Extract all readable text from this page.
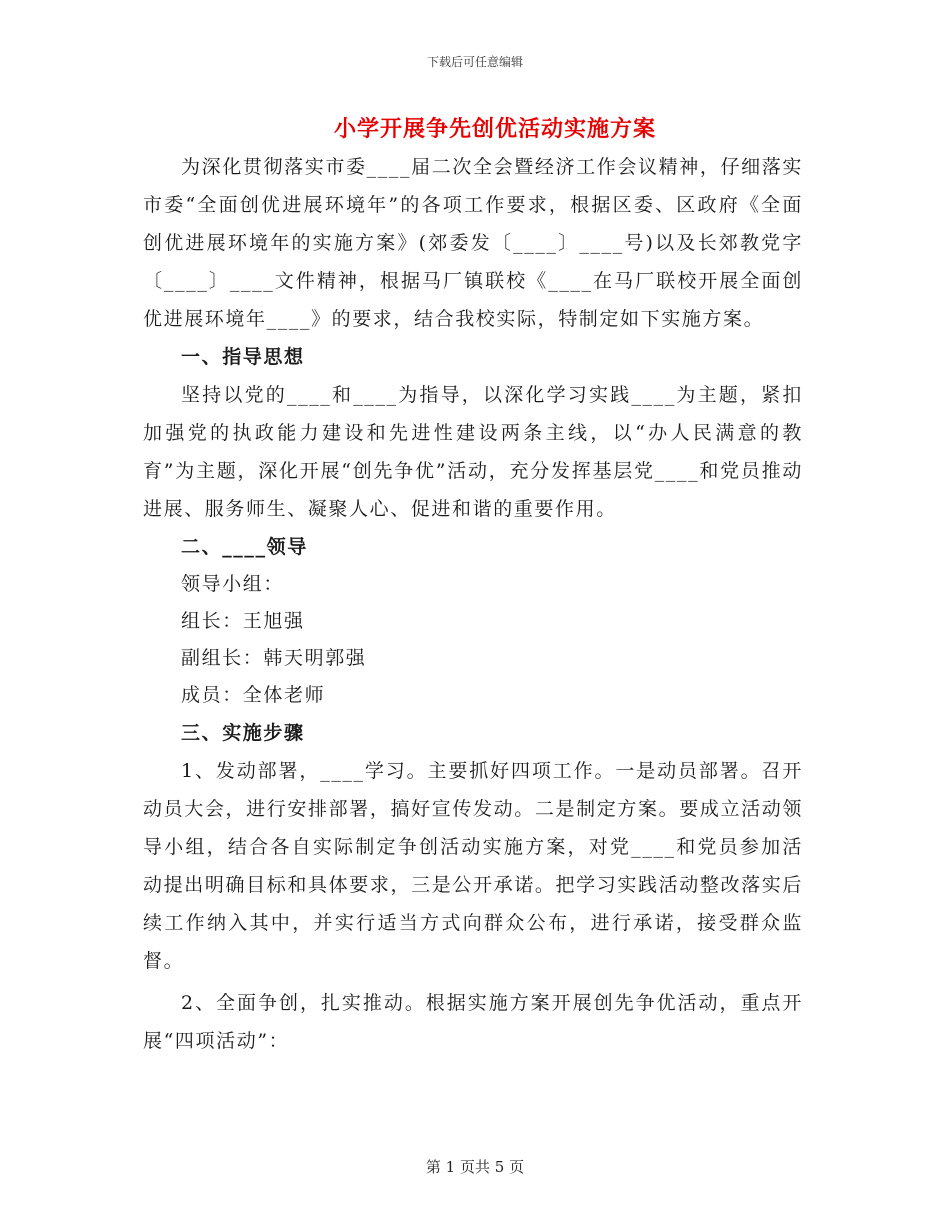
下载后可任意编辑
小学开展争先创优活动实施方案

为深化贯彻落实市委____届二次全会暨经济工作会议精神，仔细落实市委“全面创优进展环境年”的各项工作要求，根据区委、区政府《全面创优进展环境年的实施方案》(郊委发〔____〕____号)以及长郊教党字〔____〕____文件精神，根据马厂镇联校《____在马厂联校开展全面创优进展环境年____》的要求，结合我校实际，特制定如下实施方案。

一、指导思想

坚持以党的____和____为指导，以深化学习实践____为主题，紧扣加强党的执政能力建设和先进性建设两条主线，以“办人民满意的教育”为主题，深化开展“创先争优”活动，充分发挥基层党____和党员推动进展、服务师生、凝聚人心、促进和谐的重要作用。

二、____领导

领导小组：

组长：王旭强

副组长：韩天明郭强

成员：全体老师

三、实施步骤

1、发动部署，____学习。主要抓好四项工作。一是动员部署。召开动员大会，进行安排部署，搞好宣传发动。二是制定方案。要成立活动领导小组，结合各自实际制定争创活动实施方案，对党____和党员参加活动提出明确目标和具体要求，三是公开承诺。把学习实践活动整改落实后续工作纳入其中，并实行适当方式向群众公布，进行承诺，接受群众监督。

2、全面争创，扎实推动。根据实施方案开展创先争优活动，重点开展“四项活动”：

第 1 页共 5 页
